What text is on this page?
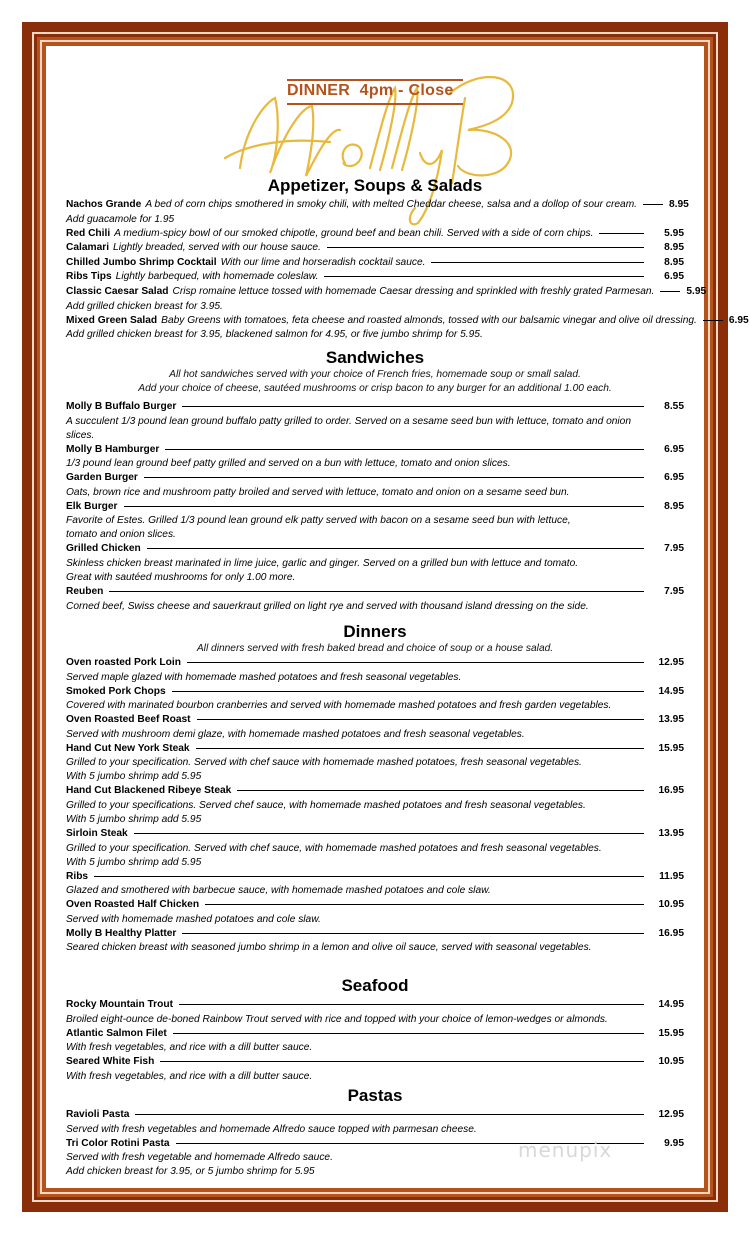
DINNER  4pm - Close
Appetizer, Soups & Salads
Nachos Grande A bed of corn chips smothered in smoky chili, with melted Cheddar cheese, salsa and a dollop of sour cream.	8.95
Add guacamole for 1.95
Red Chili A medium-spicy bowl of our smoked chipotle, ground beef and bean chili. Served with a side of corn chips.	5.95
Calamari Lightly breaded, served with our house sauce.	8.95
Chilled Jumbo Shrimp Cocktail With our lime and horseradish cocktail sauce.	8.95
Ribs Tips Lightly barbequed, with homemade coleslaw.	6.95
Classic Caesar Salad Crisp romaine lettuce tossed with homemade Caesar dressing and sprinkled with freshly grated Parmesan.	5.95
Add grilled chicken breast for 3.95.
Mixed Green Salad Baby Greens with tomatoes, feta cheese and roasted almonds, tossed with our balsamic vinegar and olive oil dressing.	6.95
Add grilled chicken breast for 3.95, blackened salmon for 4.95, or five jumbo shrimp for 5.95.
Sandwiches
All hot sandwiches served with your choice of French fries, homemade soup or small salad.
Add your choice of cheese, sautéed mushrooms or crisp bacon to any burger for an additional 1.00 each.
Molly B Buffalo Burger	8.55
A succulent 1/3 pound lean ground buffalo patty grilled to order. Served on a sesame seed bun with lettuce, tomato and onion
slices.
Molly B Hamburger	6.95
1/3 pound lean ground beef patty grilled and served on a bun with lettuce, tomato and onion slices.
Garden Burger	6.95
Oats, brown rice and mushroom patty broiled and served with lettuce, tomato and onion on a sesame seed bun.
Elk Burger	8.95
Favorite of Estes. Grilled 1/3 pound lean ground elk patty served with bacon on a sesame seed bun with lettuce,
tomato and onion slices.
Grilled Chicken	7.95
Skinless chicken breast marinated in lime juice, garlic and ginger. Served on a grilled bun with lettuce and tomato.
Great with sautéed mushrooms for only 1.00 more.
Reuben	7.95
Corned beef, Swiss cheese and sauerkraut grilled on light rye and served with thousand island dressing on the side.
Dinners
All dinners served with fresh baked bread and choice of soup or a house salad.
Oven roasted Pork Loin	12.95
Served maple glazed with homemade mashed potatoes and fresh seasonal vegetables.
Smoked Pork Chops	14.95
Covered with marinated bourbon cranberries and served with homemade mashed potatoes and fresh garden vegetables.
Oven Roasted Beef Roast	13.95
Served with mushroom demi glaze, with homemade mashed potatoes and fresh seasonal vegetables.
Hand Cut New York Steak	15.95
Grilled to your specification. Served with chef sauce with homemade mashed potatoes, fresh seasonal vegetables.
With 5 jumbo shrimp add 5.95
Hand Cut Blackened Ribeye Steak	16.95
Grilled to your specifications. Served chef sauce, with homemade mashed potatoes and fresh seasonal vegetables.
With 5 jumbo shrimp add 5.95
Sirloin Steak	13.95
Grilled to your specification. Served with chef sauce, with homemade mashed potatoes and fresh seasonal vegetables.
With 5 jumbo shrimp add 5.95
Ribs	11.95
Glazed and smothered with barbecue sauce, with homemade mashed potatoes and cole slaw.
Oven Roasted Half Chicken	10.95
Served with homemade mashed potatoes and cole slaw.
Molly B Healthy Platter	16.95
Seared chicken breast with seasoned jumbo shrimp in a lemon and olive oil sauce, served with seasonal vegetables.
Seafood
Rocky Mountain Trout	14.95
Broiled eight-ounce de-boned Rainbow Trout served with rice and topped with your choice of lemon-wedges or almonds.
Atlantic Salmon Filet	15.95
With fresh vegetables, and rice with a dill butter sauce.
Seared White Fish	10.95
With fresh vegetables, and rice with a dill butter sauce.
Pastas
Ravioli Pasta	12.95
Served with fresh vegetables and homemade Alfredo sauce topped with parmesan cheese.
Tri Color Rotini Pasta	9.95
Served with fresh vegetable and homemade Alfredo sauce.
Add chicken breast for 3.95, or 5 jumbo shrimp for 5.95
menupix
